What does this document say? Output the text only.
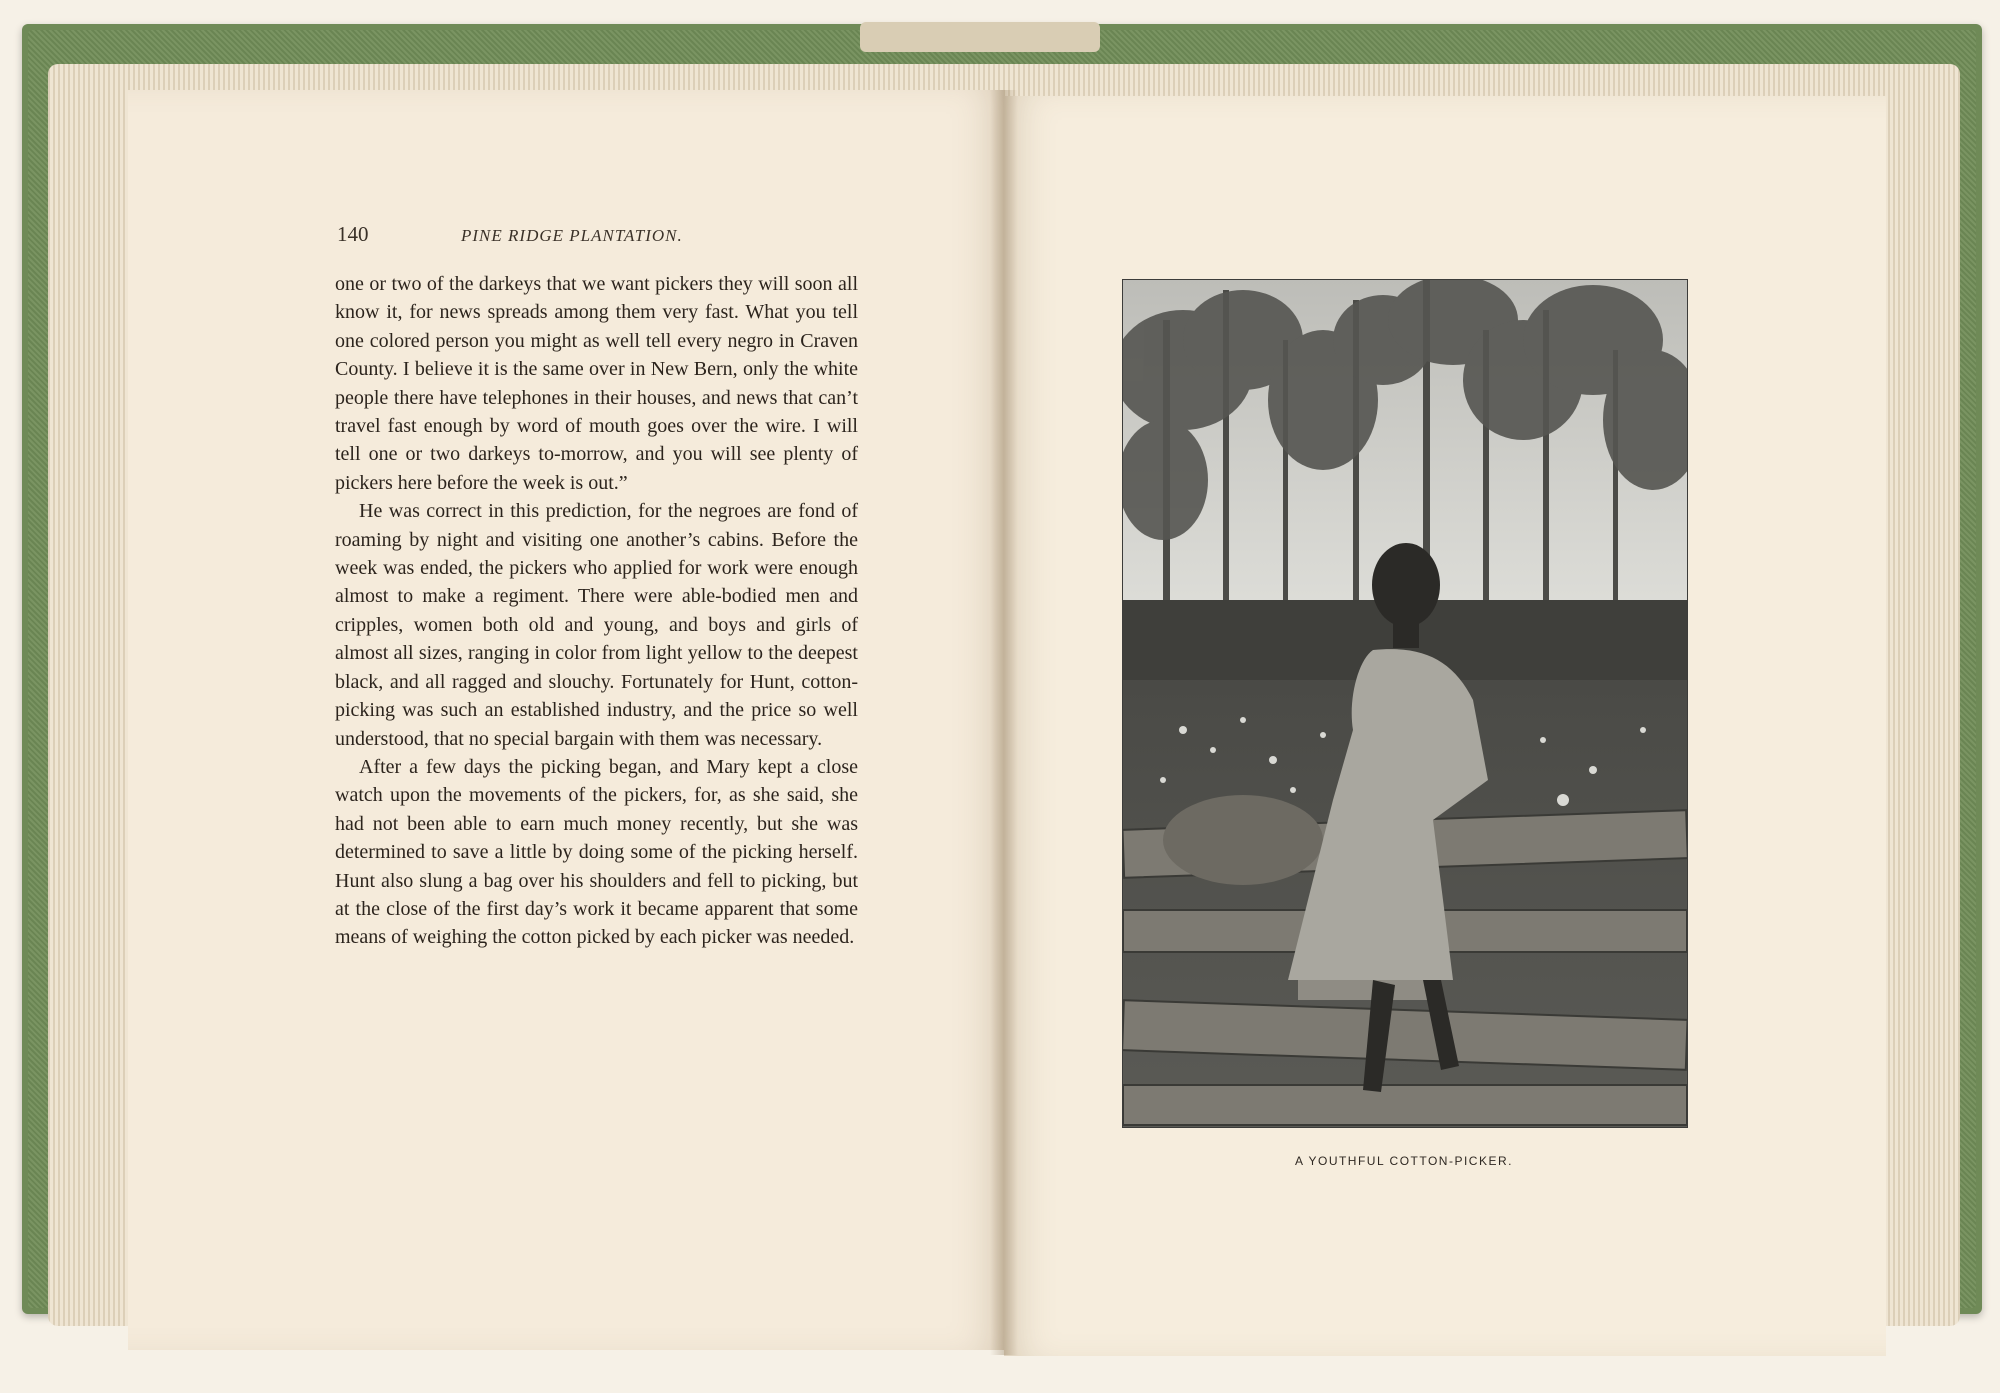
140	PINE RIDGE PLANTATION.

one or two of the darkeys that we want pickers they will soon all know it, for news spreads among them very fast. What you tell one colored person you might as well tell every negro in Craven County. I believe it is the same over in New Bern, only the white people there have telephones in their houses, and news that can’t travel fast enough by word of mouth goes over the wire. I will tell one or two darkeys to-morrow, and you will see plenty of pickers here before the week is out.”

He was correct in this prediction, for the negroes are fond of roaming by night and visiting one another’s cabins. Before the week was ended, the pickers who applied for work were enough almost to make a regiment. There were able-bodied men and cripples, women both old and young, and boys and girls of almost all sizes, ranging in color from light yellow to the deepest black, and all ragged and slouchy. Fortunately for Hunt, cotton-picking was such an established industry, and the price so well understood, that no special bargain with them was necessary.

After a few days the picking began, and Mary kept a close watch upon the movements of the pickers, for, as she said, she had not been able to earn much money recently, but she was determined to save a little by doing some of the picking herself. Hunt also slung a bag over his shoulders and fell to picking, but at the close of the first day’s work it became apparent that some means of weighing the cotton picked by each picker was needed.

A YOUTHFUL COTTON-PICKER.
